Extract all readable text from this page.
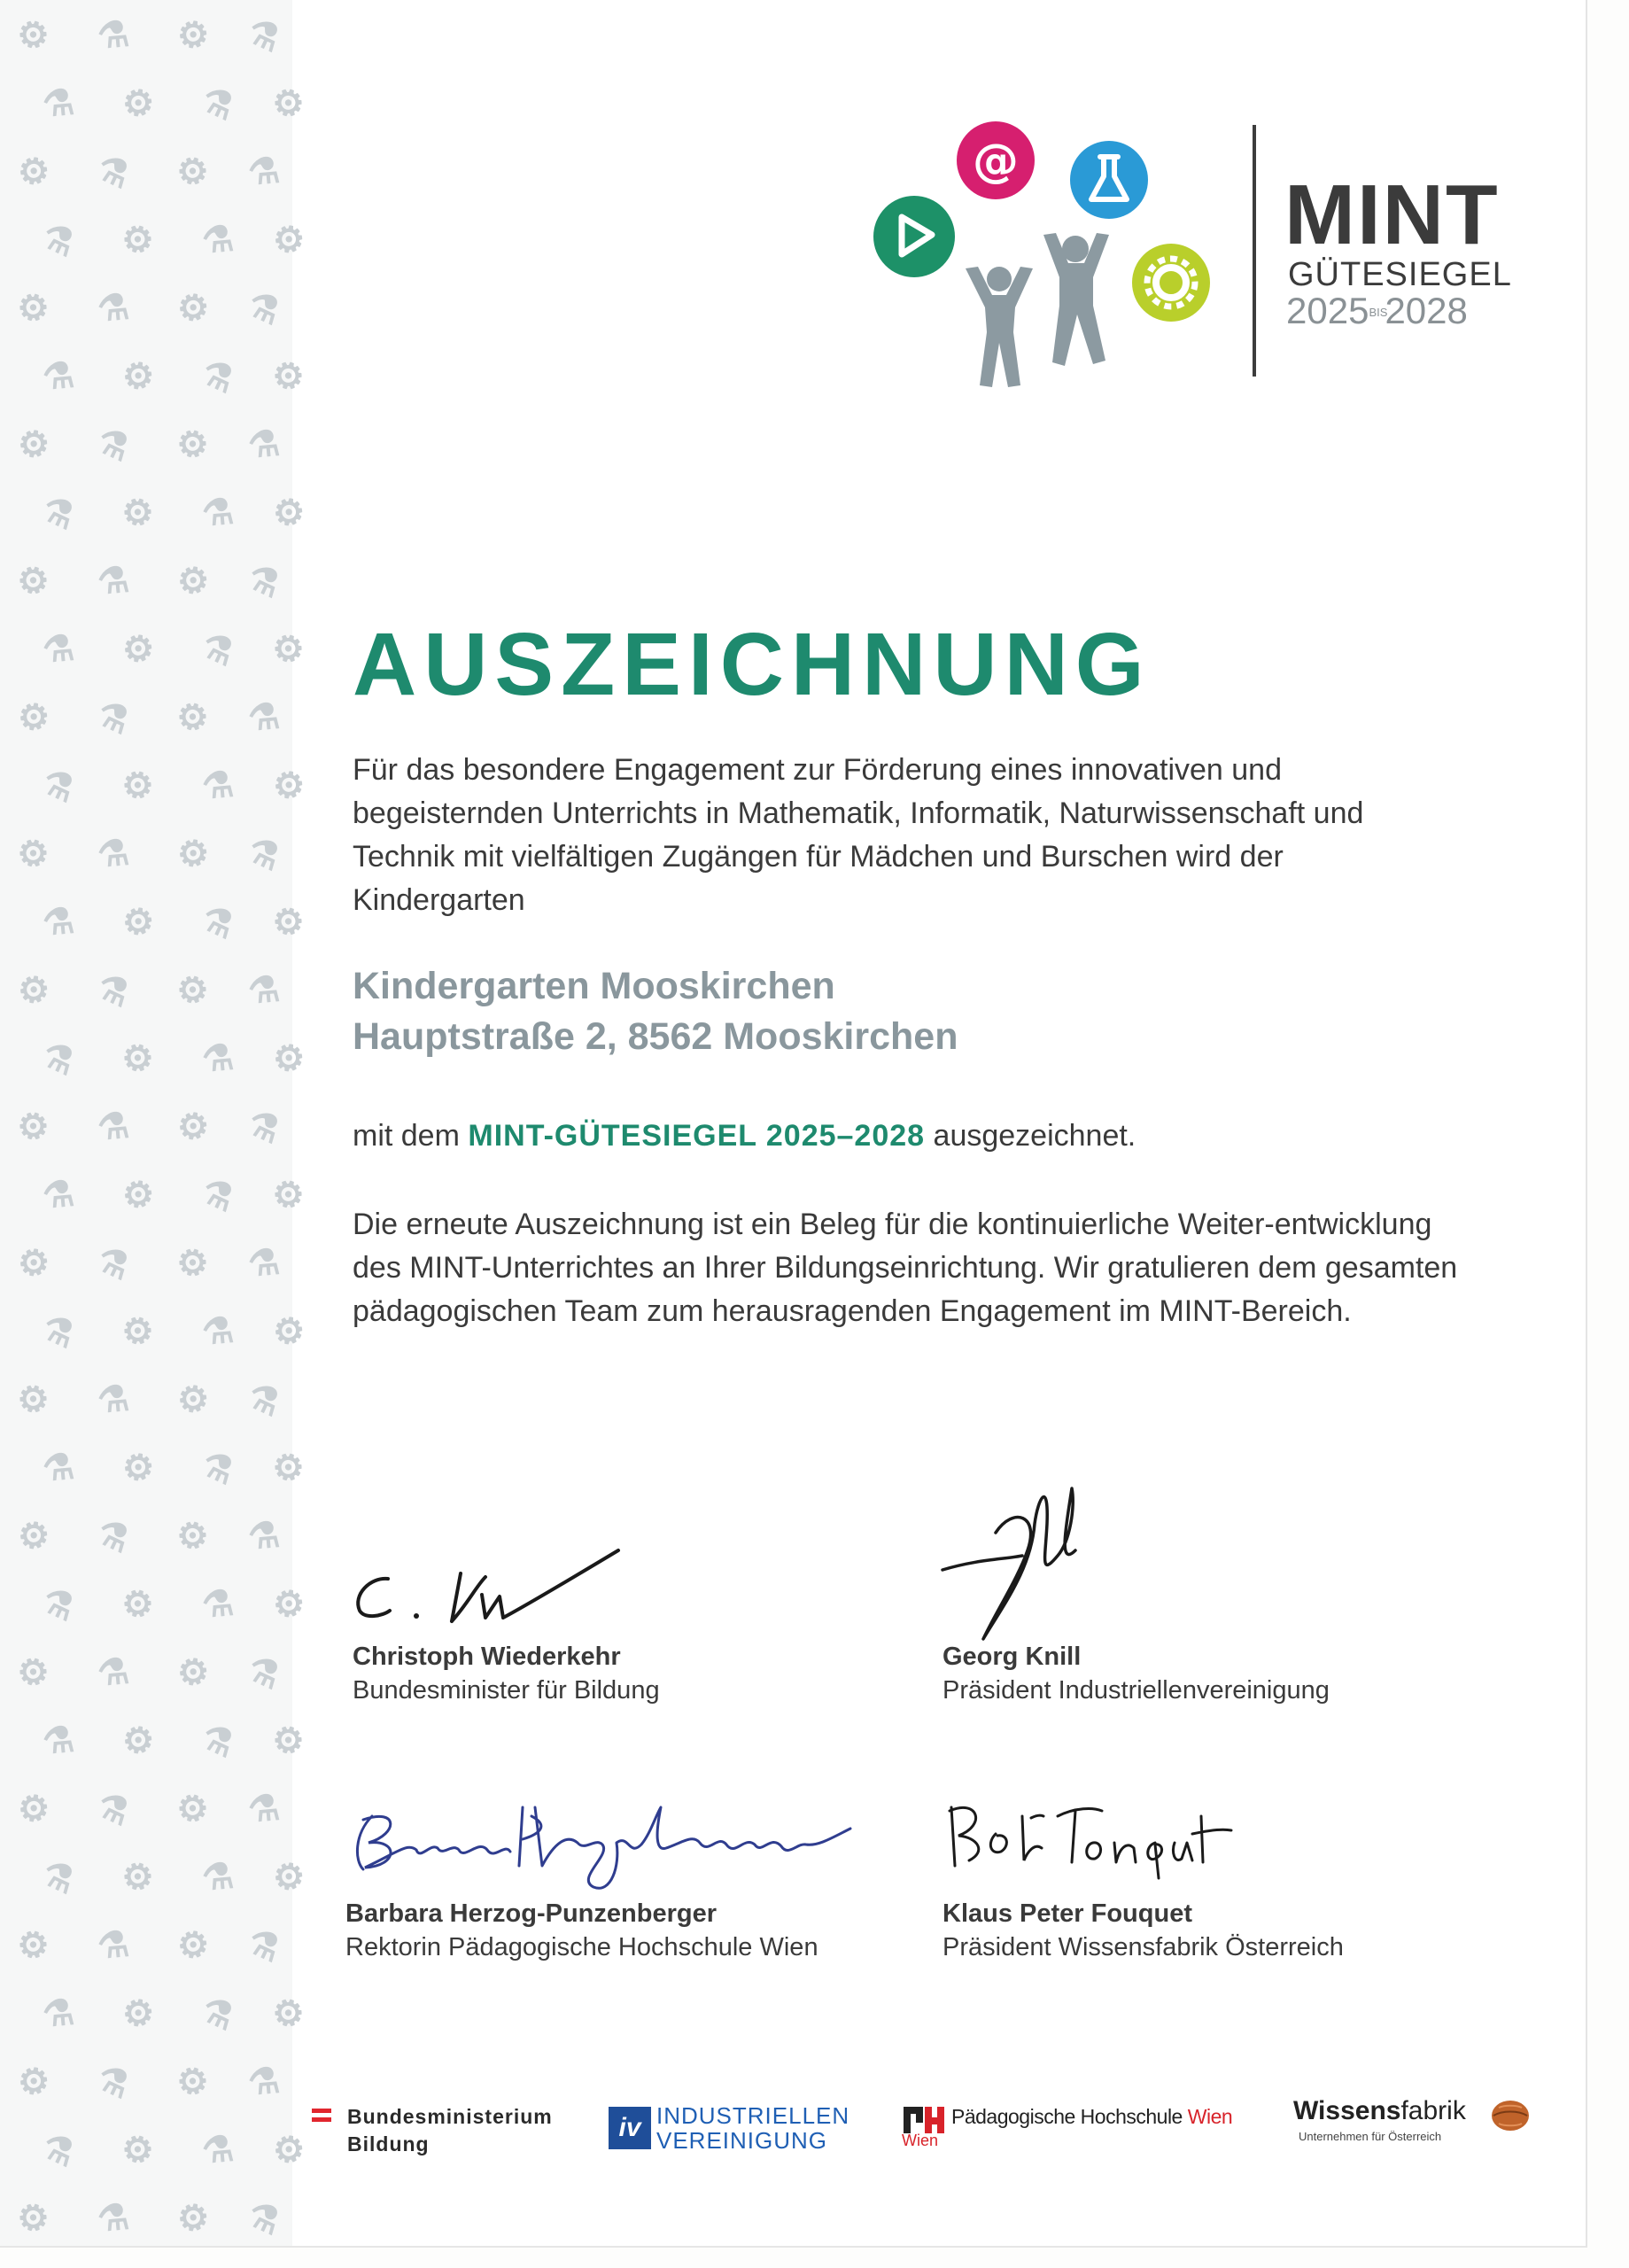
⚙ ⚗ ⚙ ⚗
⚗ ⚙ ⚗ ⚙
⚙ ⚗ ⚙ ⚗
⚗ ⚙ ⚗ ⚙
⚙ ⚗ ⚙ ⚗
⚗ ⚙ ⚗ ⚙
⚙ ⚗ ⚙ ⚗
⚗ ⚙ ⚗ ⚙
⚙ ⚗ ⚙ ⚗
⚗ ⚙ ⚗ ⚙
⚙ ⚗ ⚙ ⚗
⚗ ⚙ ⚗ ⚙
⚙ ⚗ ⚙ ⚗
⚗ ⚙ ⚗ ⚙
⚙ ⚗ ⚙ ⚗
⚗ ⚙ ⚗ ⚙
⚙ ⚗ ⚙ ⚗
⚗ ⚙ ⚗ ⚙
⚙ ⚗ ⚙ ⚗
⚗ ⚙ ⚗ ⚙
⚙ ⚗ ⚙ ⚗
⚗ ⚙ ⚗ ⚙
⚙ ⚗ ⚙ ⚗
⚗ ⚙ ⚗ ⚙
⚙ ⚗ ⚙ ⚗
⚗ ⚙ ⚗ ⚙
⚙ ⚗ ⚙ ⚗
⚗ ⚙ ⚗ ⚙
⚙ ⚗ ⚙ ⚗
⚗ ⚙ ⚗ ⚙
⚙ ⚗ ⚙ ⚗
⚗ ⚙ ⚗ ⚙
⚙ ⚗ ⚙ ⚗
@
MINT
GÜTESIEGEL
2025BIS2028
AUSZEICHNUNG

Für das besondere Engagement zur Förderung eines innovativen und begeisternden Unterrichts in Mathematik, Informatik, Naturwissenschaft und Technik mit vielfältigen Zugängen für Mädchen und Burschen wird der Kindergarten

Kindergarten Mooskirchen
Hauptstraße 2, 8562 Mooskirchen

mit dem MINT-GÜTESIEGEL 2025–2028 ausgezeichnet.

Die erneute Auszeichnung ist ein Beleg für die kontinuierliche Weiter-entwicklung des MINT-Unterrichtes an Ihrer Bildungseinrichtung. Wir gratulieren dem gesamten pädagogischen Team zum herausragenden Engagement im MINT-Bereich.

Christoph Wiederkehr
Bundesminister für Bildung
Georg Knill
Präsident Industriellenvereinigung
Barbara Herzog-Punzenberger
Rektorin Pädagogische Hochschule Wien
Klaus Peter Fouquet
Präsident Wissensfabrik Österreich
Bundesministerium
Bildung
iv INDUSTRIELLEN
VEREINIGUNG	Wien
Pädagogische Hochschule Wien Wissensfabrik
Unternehmen für Österreich
